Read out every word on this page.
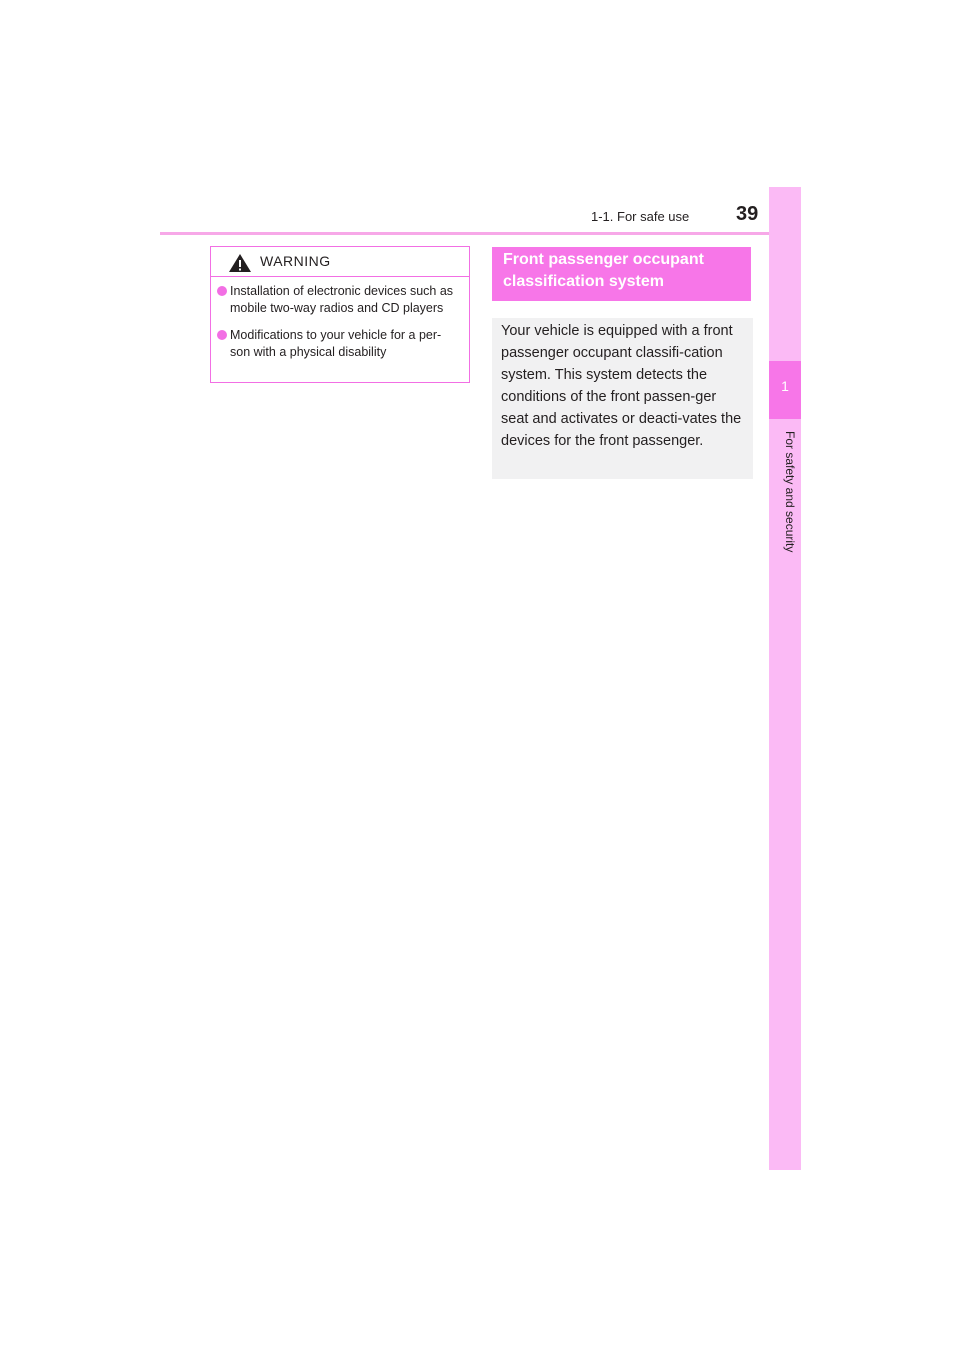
1-1. For safe use 39
1
For safety and security
WARNING
Installation of electronic devices such as mobile two-way radios and CD players
Modifications to your vehicle for a per-son with a physical disability
Front passenger occupant classification system

Your vehicle is equipped with a front passenger occupant classifi-cation system. This system detects the conditions of the front passen-ger seat and activates or deacti-vates the devices for the front passenger.
